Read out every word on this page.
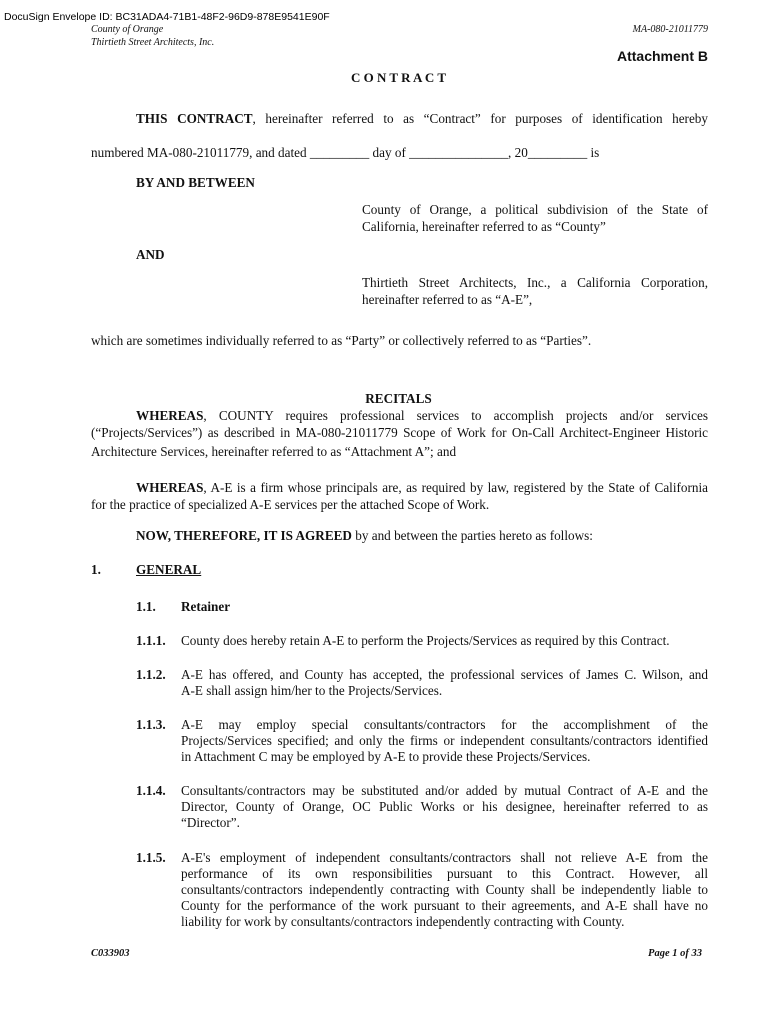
DocuSign Envelope ID: BC31ADA4-71B1-48F2-96D9-878E9541E90F
County of Orange
Thirtieth Street Architects, Inc.
MA-080-21011779
Attachment B
C O N T R A C T
THIS CONTRACT, hereinafter referred to as “Contract” for purposes of identification hereby
numbered MA-080-21011779, and dated _________ day of _______________, 20_________ is
BY AND BETWEEN
County of Orange, a political subdivision of the State of
California, hereinafter referred to as “County”
AND
Thirtieth Street Architects, Inc., a California Corporation,
hereinafter referred to as “A-E”,
which are sometimes individually referred to as “Party” or collectively referred to as “Parties”.
RECITALS
WHEREAS, COUNTY requires professional services to accomplish projects and/or services
(“Projects/Services”) as described in MA-080-21011779 Scope of Work for On-Call Architect-Engineer Historic
Architecture Services, hereinafter referred to as “Attachment A”; and
WHEREAS, A-E is a firm whose principals are, as required by law, registered by the State of California
for the practice of specialized A-E services per the attached Scope of Work.
NOW, THEREFORE, IT IS AGREED by and between the parties hereto as follows:
1.	GENERAL
1.1. Retainer
1.1.1. County does hereby retain A-E to perform the Projects/Services as required by this Contract.
1.1.2. A-E has offered, and County has accepted, the professional services of James C. Wilson, and
A-E shall assign him/her to the Projects/Services.
1.1.3. A-E may employ special consultants/contractors for the accomplishment of the
Projects/Services specified; and only the firms or independent consultants/contractors identified
in Attachment C may be employed by A-E to provide these Projects/Services.
1.1.4. Consultants/contractors may be substituted and/or added by mutual Contract of A-E and the
Director, County of Orange, OC Public Works or his designee, hereinafter referred to as
“Director”.
1.1.5. A-E's employment of independent consultants/contractors shall not relieve A-E from the
performance of its own responsibilities pursuant to this Contract. However, all
consultants/contractors independently contracting with County shall be independently liable to
County for the performance of the work pursuant to their agreements, and A-E shall have no
liability for work by consultants/contractors independently contracting with County.
C033903	Page 1 of 33
